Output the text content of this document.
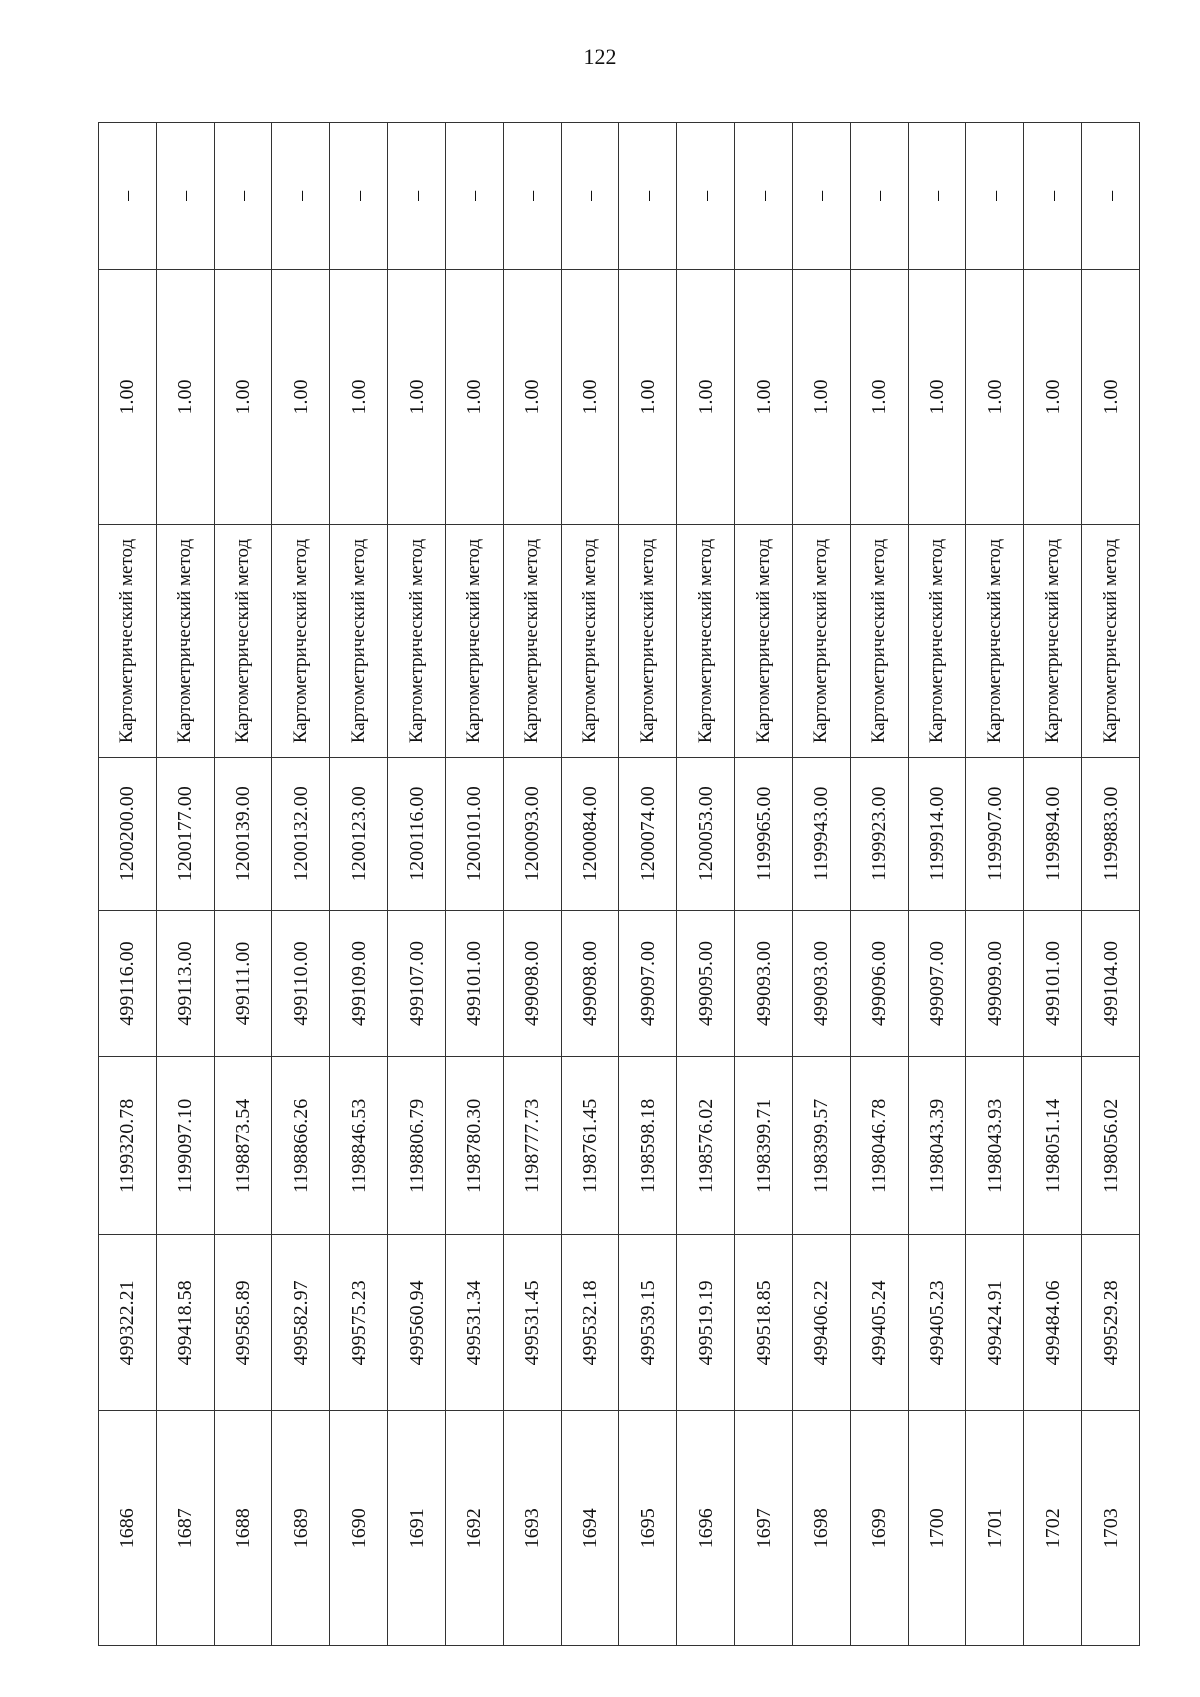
122
1686	499322.21	1199320.78	499116.00	1200200.00	Картометрический метод	1.00	–
1687	499418.58	1199097.10	499113.00	1200177.00	Картометрический метод	1.00	–
1688	499585.89	1198873.54	499111.00	1200139.00	Картометрический метод	1.00	–
1689	499582.97	1198866.26	499110.00	1200132.00	Картометрический метод	1.00	–
1690	499575.23	1198846.53	499109.00	1200123.00	Картометрический метод	1.00	–
1691	499560.94	1198806.79	499107.00	1200116.00	Картометрический метод	1.00	–
1692	499531.34	1198780.30	499101.00	1200101.00	Картометрический метод	1.00	–
1693	499531.45	1198777.73	499098.00	1200093.00	Картометрический метод	1.00	–
1694	499532.18	1198761.45	499098.00	1200084.00	Картометрический метод	1.00	–
1695	499539.15	1198598.18	499097.00	1200074.00	Картометрический метод	1.00	–
1696	499519.19	1198576.02	499095.00	1200053.00	Картометрический метод	1.00	–
1697	499518.85	1198399.71	499093.00	1199965.00	Картометрический метод	1.00	–
1698	499406.22	1198399.57	499093.00	1199943.00	Картометрический метод	1.00	–
1699	499405.24	1198046.78	499096.00	1199923.00	Картометрический метод	1.00	–
1700	499405.23	1198043.39	499097.00	1199914.00	Картометрический метод	1.00	–
1701	499424.91	1198043.93	499099.00	1199907.00	Картометрический метод	1.00	–
1702	499484.06	1198051.14	499101.00	1199894.00	Картометрический метод	1.00	–
1703	499529.28	1198056.02	499104.00	1199883.00	Картометрический метод	1.00	–
